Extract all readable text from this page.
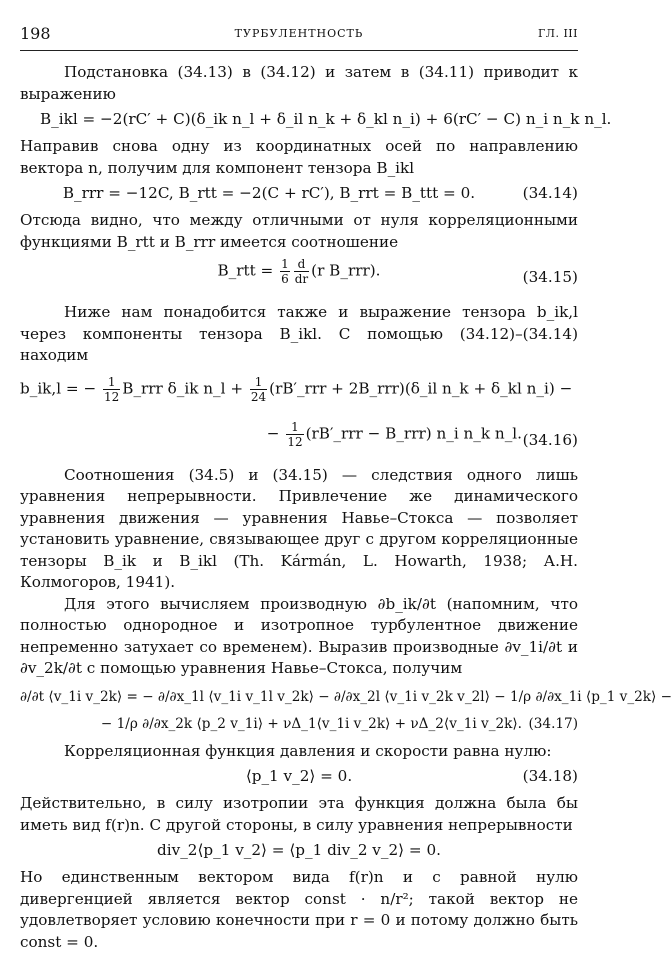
198	ТУРБУЛЕНТНОСТЬ	ГЛ. III

Подстановка (34.13) в (34.12) и затем в (34.11) приводит к выражению

B_ikl = −2(rC′ + C)(δ_ik n_l + δ_il n_k + δ_kl n_i) + 6(rC′ − C) n_i n_k n_l.

Направив снова одну из координатных осей по направлению вектора n, получим для компонент тензора B_ikl

B_rrr = −12C, B_rtt = −2(C + rC′), B_rrt = B_ttt = 0.	(34.14)

Отсюда видно, что между отличными от нуля корреляционными функциями B_rtt и B_rrr имеется соотношение

B_rtt = $\frac{1}{6} \frac{d}{dr} (r$ B_rrr).	(34.15)

Ниже нам понадобится также и выражение тензора b_ik,l через компоненты тензора B_ikl. С помощью (34.12)–(34.14) находим

b_ik,l = − $\frac{1}{12}$ B_rrr δ_ik n_l + $\frac{1}{24}$ (rB′_rrr + 2B_rrr)(δ_il n_k + δ_kl n_i) −
− $\frac{1}{12}$ (rB′_rrr − B_rrr) n_i n_k n_l. (34.16)

Соотношения (34.5) и (34.15) — следствия одного лишь уравнения непрерывности. Привлечение же динамического уравнения движения — уравнения Навье–Стокса — позволяет установить уравнение, связывающее друг с другом корреляционные тензоры B_ik и B_ikl (Th. Kármán, L. Howarth, 1938; А.Н. Колмогоров, 1941).

Для этого вычисляем производную ∂b_ik/∂t (напомним, что полностью однородное и изотропное турбулентное движение непременно затухает со временем). Выразив производные ∂v_1i/∂t и ∂v_2k/∂t с помощью уравнения Навье–Стокса, получим

∂/∂t ⟨v_1i v_2k⟩ = − ∂/∂x_1l ⟨v_1i v_1l v_2k⟩ − ∂/∂x_2l ⟨v_1i v_2k v_2l⟩ − 1/ρ ∂/∂x_1i ⟨p_1 v_2k⟩ −
− 1/ρ ∂/∂x_2k ⟨p_2 v_1i⟩ + νΔ_1⟨v_1i v_2k⟩ + νΔ_2⟨v_1i v_2k⟩. (34.17)

Корреляционная функция давления и скорости равна нулю:

⟨p_1 v_2⟩ = 0.	(34.18)

Действительно, в силу изотропии эта функция должна была бы иметь вид f(r)n. С другой стороны, в силу уравнения непрерывности

div_2⟨p_1 v_2⟩ = ⟨p_1 div_2 v_2⟩ = 0.

Но единственным вектором вида f(r)n и с равной нулю дивергенцией является вектор const · n/r²; такой вектор не удовлетворяет условию конечности при r = 0 и потому должно быть const = 0.
